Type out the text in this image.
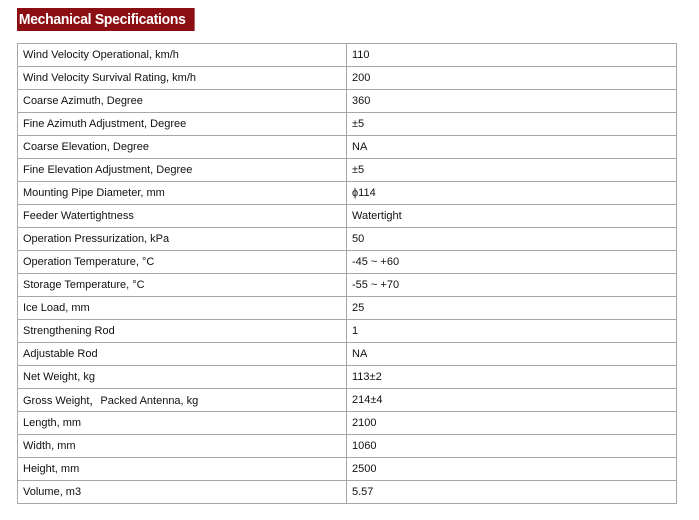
Mechanical Specifications
Wind Velocity Operational, km/h	110
Wind Velocity Survival Rating, km/h	200
Coarse Azimuth, Degree	360
Fine Azimuth Adjustment, Degree	±5
Coarse Elevation, Degree	NA
Fine Elevation Adjustment, Degree	±5
Mounting Pipe Diameter, mm	ϕ114
Feeder Watertightness	Watertight
Operation Pressurization, kPa	50
Operation Temperature, °C	-45 ~ +60
Storage Temperature, °C	-55 ~ +70
Ice Load, mm	25
Strengthening Rod	1
Adjustable Rod	NA
Net Weight, kg	113±2
Gross Weight，Packed Antenna, kg	214±4
Length, mm	2100
Width, mm	1060
Height, mm	2500
Volume, m3	5.57
